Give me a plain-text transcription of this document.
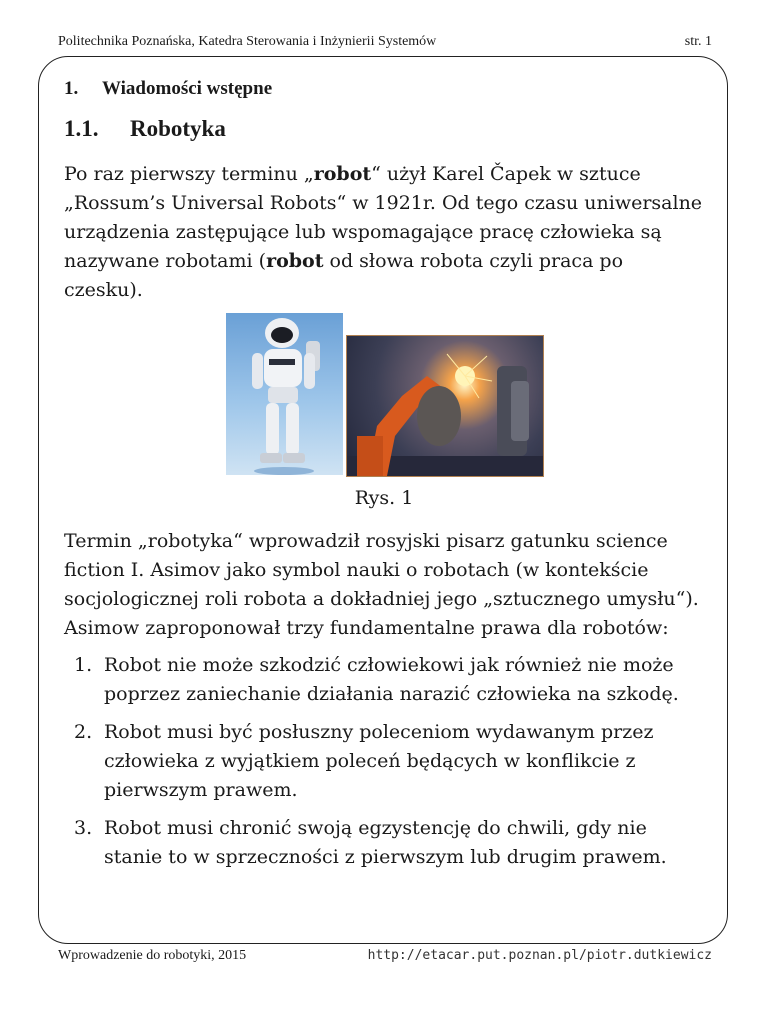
Politechnika Poznańska, Katedra Sterowania i Inżynierii Systemów	str. 1
1. Wiadomości wstępne
1.1. Robotyka

Po raz pierwszy terminu „robot“ użył Karel Čapek w sztuce „Rossum’s Universal Robots“ w 1921r. Od tego czasu uniwersalne urządzenia zastępujące lub wspomagające pracę człowieka są nazywane robotami (robot od słowa robota czyli praca po czesku).

Rys. 1

Termin „robotyka“ wprowadził rosyjski pisarz gatunku science fiction I. Asimov jako symbol nauki o robotach (w kontekście socjologicznej roli robota a dokładniej jego „sztucznego umysłu“). Asimow zaproponował trzy fundamentalne prawa dla robotów:

1. Robot nie może szkodzić człowiekowi jak również nie może poprzez zaniechanie działania narazić człowieka na szkodę.
2. Robot musi być posłuszny poleceniom wydawanym przez człowieka z wyjątkiem poleceń będących w konflikcie z pierwszym prawem.
3. Robot musi chronić swoją egzystencję do chwili, gdy nie stanie to w sprzeczności z pierwszym lub drugim prawem.
Wprowadzenie do robotyki, 2015	http://etacar.put.poznan.pl/piotr.dutkiewicz
